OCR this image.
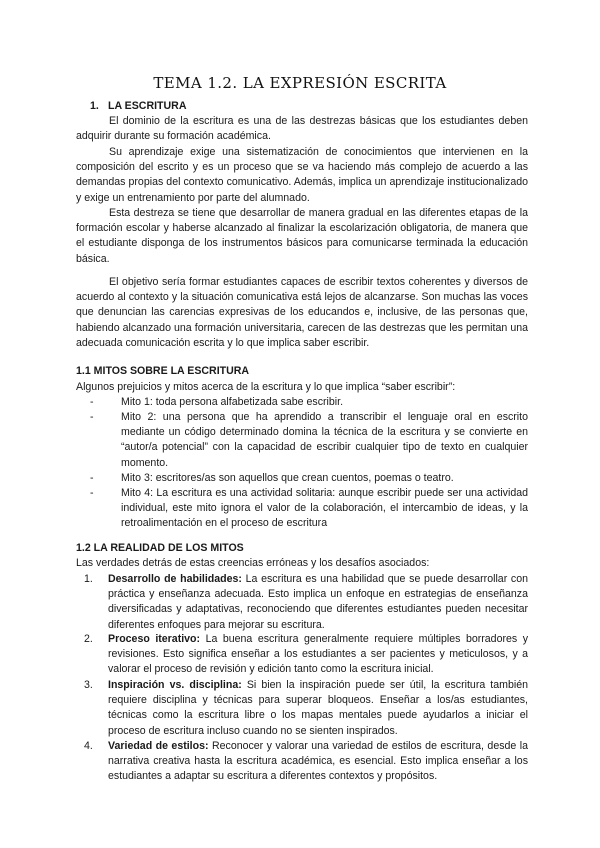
TEMA 1.2. LA EXPRESIÓN ESCRITA
1. LA ESCRITURA

El dominio de la escritura es una de las destrezas básicas que los estudiantes deben adquirir durante su formación académica.

Su aprendizaje exige una sistematización de conocimientos que intervienen en la composición del escrito y es un proceso que se va haciendo más complejo de acuerdo a las demandas propias del contexto comunicativo. Además, implica un aprendizaje institucionalizado y exige un entrenamiento por parte del alumnado.

Esta destreza se tiene que desarrollar de manera gradual en las diferentes etapas de la formación escolar y haberse alcanzado al finalizar la escolarización obligatoria, de manera que el estudiante disponga de los instrumentos básicos para comunicarse terminada la educación básica.

El objetivo sería formar estudiantes capaces de escribir textos coherentes y diversos de acuerdo al contexto y la situación comunicativa está lejos de alcanzarse. Son muchas las voces que denuncian las carencias expresivas de los educandos e, inclusive, de las personas que, habiendo alcanzado una formación universitaria, carecen de las destrezas que les permitan una adecuada comunicación escrita y lo que implica saber escribir.

1.1 MITOS SOBRE LA ESCRITURA
Algunos prejuicios y mitos acerca de la escritura y lo que implica “saber escribir”:
-	Mito 1: toda persona alfabetizada sabe escribir.
-	Mito 2: una persona que ha aprendido a transcribir el lenguaje oral en escrito mediante un código determinado domina la técnica de la escritura y se convierte en “autor/a potencial” con la capacidad de escribir cualquier tipo de texto en cualquier momento.
-	Mito 3: escritores/as son aquellos que crean cuentos, poemas o teatro.
-	Mito 4: La escritura es una actividad solitaria: aunque escribir puede ser una actividad individual, este mito ignora el valor de la colaboración, el intercambio de ideas, y la retroalimentación en el proceso de escritura
1.2 LA REALIDAD DE LOS MITOS
Las verdades detrás de estas creencias erróneas y los desafíos asociados:
1. Desarrollo de habilidades: La escritura es una habilidad que se puede desarrollar con práctica y enseñanza adecuada. Esto implica un enfoque en estrategias de enseñanza diversificadas y adaptativas, reconociendo que diferentes estudiantes pueden necesitar diferentes enfoques para mejorar su escritura.
2. Proceso iterativo: La buena escritura generalmente requiere múltiples borradores y revisiones. Esto significa enseñar a los estudiantes a ser pacientes y meticulosos, y a valorar el proceso de revisión y edición tanto como la escritura inicial.
3. Inspiración vs. disciplina: Si bien la inspiración puede ser útil, la escritura también requiere disciplina y técnicas para superar bloqueos. Enseñar a los/as estudiantes, técnicas como la escritura libre o los mapas mentales puede ayudarlos a iniciar el proceso de escritura incluso cuando no se sienten inspirados.
4. Variedad de estilos: Reconocer y valorar una variedad de estilos de escritura, desde la narrativa creativa hasta la escritura académica, es esencial. Esto implica enseñar a los estudiantes a adaptar su escritura a diferentes contextos y propósitos.
